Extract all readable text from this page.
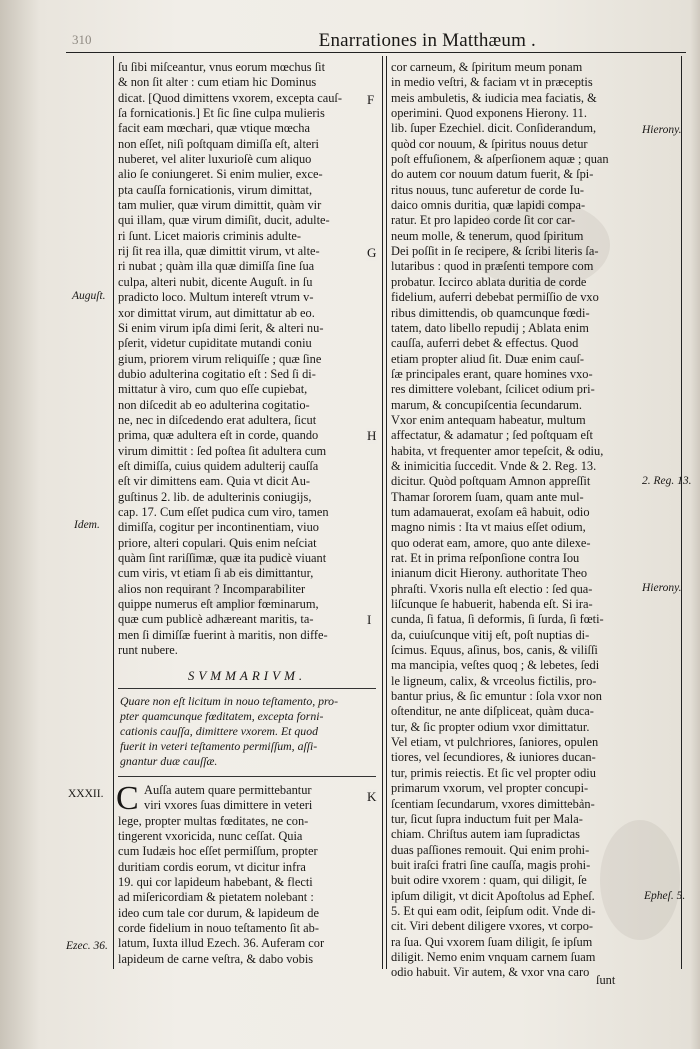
310	Enarrationes in Matthæum .
ſu ſibi miſceantur, vnus eorum mœchus ſit
& non ſit alter : cum etiam hic Dominus
dicat. [Quod dimittens vxorem, excepta cauſ-
ſa fornicationis.] Et ſic ſine culpa mulieris
facit eam mœchari, quæ vtique mœcha
non eſſet, niſi poſtquam dimiſſa eſt, alteri
nuberet, vel aliter luxurioſè cum aliquo
alio ſe coniungeret. Si enim mulier, exce-
pta cauſſa fornicationis, virum dimittat,
tam mulier, quæ virum dimittit, quàm vir
qui illam, quæ virum dimiſit, ducit, adulte-
ri ſunt. Licet maioris criminis adulte-
rij ſit rea illa, quæ dimittit virum, vt alte-
ri nubat ; quàm illa quæ dimiſſa ſine ſua
culpa, alteri nubit, dicente Auguſt. in ſu
pradicto loco. Multum intereſt vtrum v-
xor dimittat virum, aut dimittatur ab eo.
Si enim virum ipſa dimi ſerit, & alteri nu-
pſerit, videtur cupiditate mutandi coniu
gium, priorem virum reliquiſſe ; quæ ſine
dubio adulterina cogitatio eſt : Sed ſi di-
mittatur à viro, cum quo eſſe cupiebat,
non diſcedit ab eo adulterina cogitatio-
ne, nec in diſcedendo erat adultera, ſicut
prima, quæ adultera eſt in corde, quando
virum dimittit : ſed poſtea ſit adultera cum
eſt dimiſſa, cuius quidem adulterij cauſſa
eſt vir dimittens eam. Quia vt dicit Au-
guſtinus 2. lib. de adulterinis coniugijs,
cap. 17. Cum eſſet pudica cum viro, tamen
dimiſſa, cogitur per incontinentiam, viuo
priore, alteri copulari. Quis enim neſciat
quàm ſint rariſſimæ, quæ ita pudicè viuant
cum viris, vt etiam ſi ab eis dimittantur,
alios non requirant ? Incomparabiliter
quippe numerus eſt amplior fœminarum,
quæ cum publicè adhæreant maritis, ta-
men ſi dimiſſæ fuerint à maritis, non diffe-
runt nubere.
SVMMARIVM.
Quare non eſt licitum in nouo teſtamento, pro-
pter quamcunque fœditatem, excepta forni-
cationis cauſſa, dimittere vxorem. Et quod
fuerit in veteri teſtamento permiſſum, aſſi-
gnantur duæ cauſſæ.
C Auſſa autem quare permittebantur
viri vxores ſuas dimittere in veteri
lege, propter multas fœditates, ne con-
tingerent vxoricida, nunc ceſſat. Quia
cum Iudæis hoc eſſet permiſſum, propter
duritiam cordis eorum, vt dicitur infra
19. qui cor lapideum habebant, & flecti
ad miſericordiam & pietatem nolebant :
ideo cum tale cor durum, & lapideum de
corde fidelium in nouo teſtamento ſit ab-
latum, Iuxta illud Ezech. 36. Auferam cor
lapideum de carne veſtra, & dabo vobis
cor carneum, & ſpiritum meum ponam
in medio veſtri, & faciam vt in præceptis
meis ambuletis, & iudicia mea faciatis, &
operimini. Quod exponens Hierony. 11.
lib. ſuper Ezechiel. dicit. Conſiderandum,
quòd cor nouum, & ſpiritus nouus detur
poſt effuſionem, & aſperſionem aquæ ; quan
do autem cor nouum datum fuerit, & ſpi-
ritus nouus, tunc auferetur de corde Iu-
daico omnis duritia, quæ lapidi compa-
ratur. Et pro lapideo corde ſit cor car-
neum molle, & tenerum, quod ſpiritum
Dei poſſit in ſe recipere, & ſcribi literis ſa-
lutaribus : quod in præſenti tempore com
probatur. Iccirco ablata duritia de corde
fidelium, auferri debebat permiſſio de vxo
ribus dimittendis, ob quamcunque fœdi-
tatem, dato libello repudij ; Ablata enim
cauſſa, auferri debet & effectus. Quod
etiam propter aliud ſit. Duæ enim cauſ-
ſæ principales erant, quare homines vxo-
res dimittere volebant, ſcilicet odium pri-
marum, & concupiſcentia ſecundarum.
Vxor enim antequam habeatur, multum
affectatur, & adamatur ; ſed poſtquam eſt
habita, vt frequenter amor tepeſcit, & odiu,
& inimicitia ſuccedit. Vnde & 2. Reg. 13.
dicitur. Quòd poſtquam Amnon appreſſit
Thamar ſororem ſuam, quam ante mul-
tum adamauerat, exoſam eâ habuit, odio
magno nimis : Ita vt maius eſſet odium,
quo oderat eam, amore, quo ante dilexe-
rat. Et in prima reſponſione contra Iou
inianum dicit Hierony. authoritate Theo
phraſti. Vxoris nulla eſt electio : ſed qua-
liſcunque ſe habuerit, habenda eſt. Si ira-
cunda, ſi fatua, ſi deformis, ſi ſurda, ſi fœti-
da, cuiuſcunque vitij eſt, poſt nuptias di-
ſcimus. Equus, aſinus, bos, canis, & viliſſi
ma mancipia, veſtes quoq ; & lebetes, ſedi
le ligneum, calix, & vrceolus fictilis, pro-
bantur prius, & ſic emuntur : ſola vxor non
oſtenditur, ne ante diſpliceat, quàm duca-
tur, & ſic propter odium vxor dimittatur.
Vel etiam, vt pulchriores, ſaniores, opulen
tiores, vel ſecundiores, & iuniores ducan-
tur, primis reiectis. Et ſic vel propter odiu
primarum vxorum, vel propter concupi-
ſcentiam ſecundarum, vxores dimittebản-
tur, ſicut ſupra inductum fuit per Mala-
chiam. Chriſtus autem iam ſupradictas
duas paſſiones remouit. Qui enim prohi-
buit iraſci fratri ſine cauſſa, magis prohi-
buit odire vxorem : quam, qui diligit, ſe
ipſum diligit, vt dicit Apoſtolus ad Epheſ.
5. Et qui eam odit, ſeipſum odit. Vnde di-
cit. Viri debent diligere vxores, vt corpo-
ra ſua. Qui vxorem ſuam diligit, ſe ipſum
diligit. Nemo enim vnquam carnem ſuam
odio habuit. Vir autem, & vxor vna caro
F
G
H
I
K
Auguſt.
Idem.
XXXII.
Ezec. 36.
Hierony.
2. Reg. 13.
Hierony.
Epheſ. 5.
ſunt
